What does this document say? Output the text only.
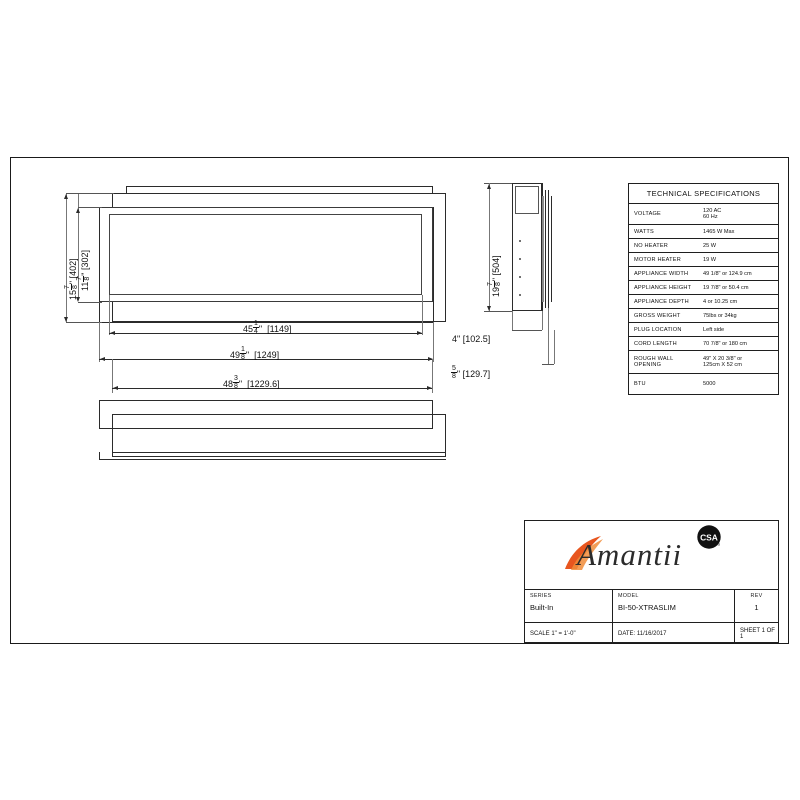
15
7 8
" [402]
11
7 8
" [302]
$45 \frac{1}{4}$ " [1149]
$49 \frac{1}{8}$ " [1249]
$48 \frac{3}{8}$ " [1229.6]
19
7 8
" [504]
4" [102.5]
$\frac{5}{8}$ " [129.7]
TECHNICAL SPECIFICATIONS
VOLTAGE	120 AC
60 Hz
WATTS	1465 W Max
NO HEATER	25 W
MOTOR HEATER	19 W
APPLIANCE WIDTH	49 1/8" or 124.9 cm
APPLIANCE HEIGHT	19 7/8" or 50.4 cm
APPLIANCE DEPTH	4 or 10.25 cm
GROSS WEIGHT	75lbs or 34kg
PLUG LOCATION	Left side
CORD LENGTH	70 7/8" or 180 cm
ROUGH WALL OPENING
49" X 20 3/8" or
125cm X 52 cm
BTU	5000
Amantii CSA
US
SERIES
Built-In
MODEL
BI-50-XTRASLIM
REV
1
SCALE 1" = 1'-0"	DATE: 11/16/2017	SHEET 1 OF 1
